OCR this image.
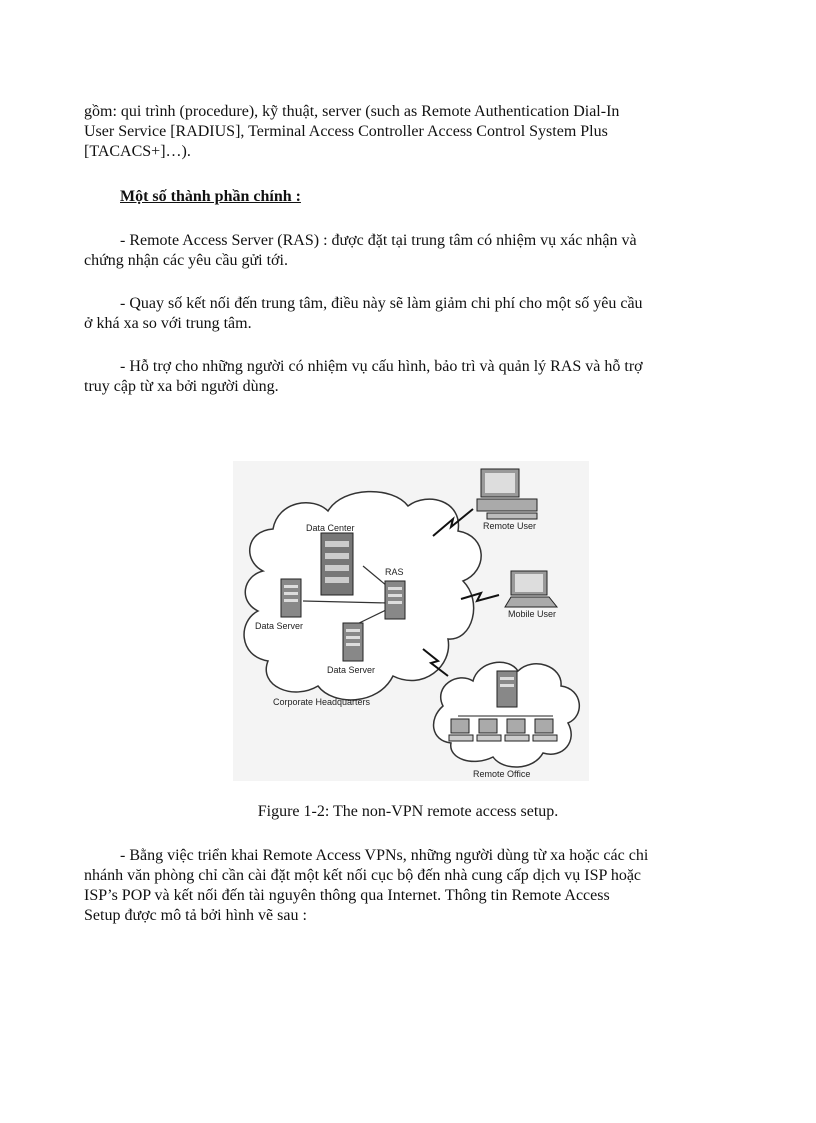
gồm: qui trình (procedure), kỹ thuật, server (such as Remote Authentication Dial-In
User Service [RADIUS], Terminal Access Controller Access Control System Plus
[TACACS+]…).

Một số thành phần chính :

- Remote Access Server (RAS) : được đặt tại trung tâm có nhiệm vụ xác nhận và
chứng nhận các yêu cầu gửi tới.

- Quay số kết nối đến trung tâm, điều này sẽ làm giảm chi phí cho một số yêu cầu
ở khá xa so với trung tâm.

- Hỗ trợ cho những người có nhiệm vụ cấu hình, bảo trì và quản lý RAS và hỗ trợ
truy cập từ xa bởi người dùng.

Data Center
RAS
Data Server
Data Server
Corporate Headquarters
Remote User
Mobile User
Remote Office
Figure 1-2: The non-VPN remote access setup.

- Bằng việc triển khai Remote Access VPNs, những người dùng từ xa hoặc các chi
nhánh văn phòng chỉ cần cài đặt một kết nối cục bộ đến nhà cung cấp dịch vụ ISP hoặc
ISP’s POP và kết nối đến tài nguyên thông qua Internet. Thông tin Remote Access
Setup được mô tả bởi hình vẽ sau :
